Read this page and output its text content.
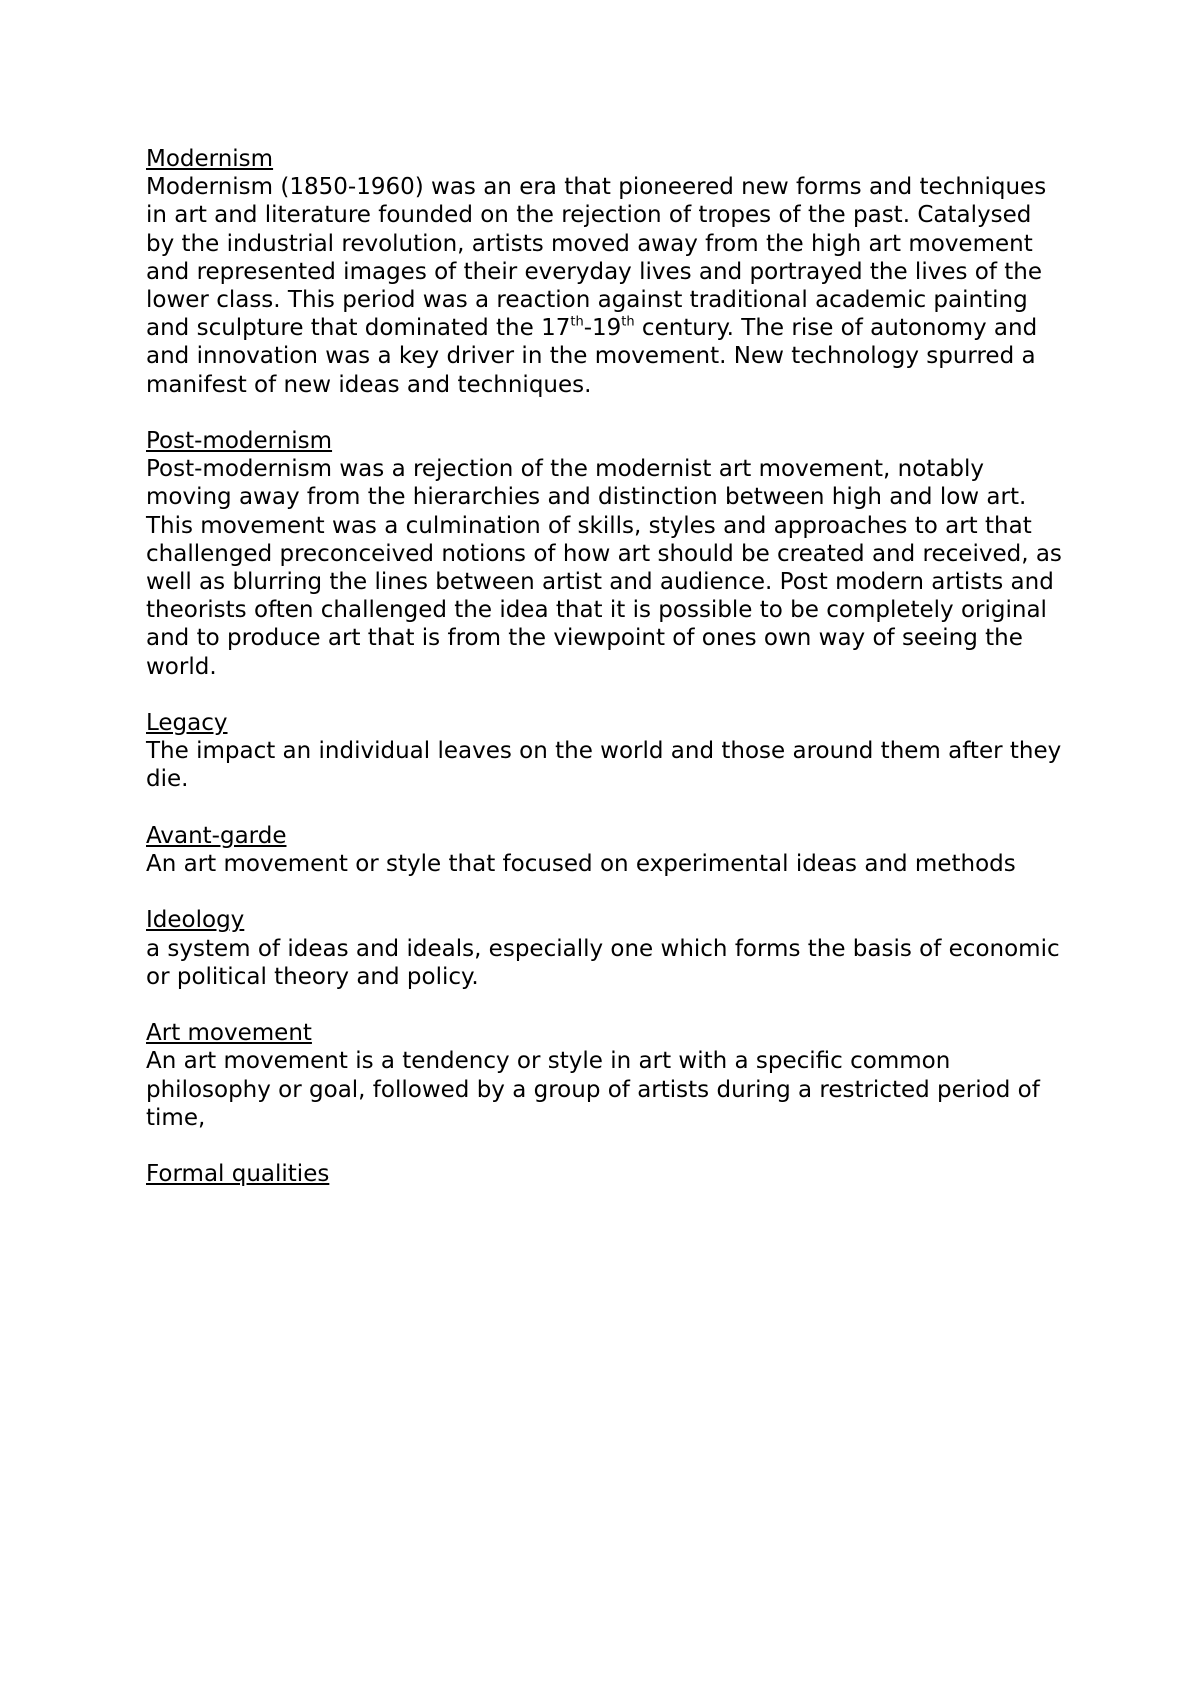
Modernism

Modernism (1850-1960) was an era that pioneered new forms and techniques in art and literature founded on the rejection of tropes of the past. Catalysed by the industrial revolution, artists moved away from the high art movement and represented images of their everyday lives and portrayed the lives of the lower class. This period was a reaction against traditional academic painting and sculpture that dominated the 17th-19th century. The rise of autonomy and and innovation was a key driver in the movement. New technology spurred a manifest of new ideas and techniques.

Post-modernism

Post-modernism was a rejection of the modernist art movement, notably moving away from the hierarchies and distinction between high and low art. This movement was a culmination of skills, styles and approaches to art that challenged preconceived notions of how art should be created and received, as well as blurring the lines between artist and audience. Post modern artists and theorists often challenged the idea that it is possible to be completely original and to produce art that is from the viewpoint of ones own way of seeing the world.

Legacy

The impact an individual leaves on the world and those around them after they die.

Avant-garde

An art movement or style that focused on experimental ideas and methods

Ideology

a system of ideas and ideals, especially one which forms the basis of economic or political theory and policy.

Art movement

An art movement is a tendency or style in art with a specific common philosophy or goal, followed by a group of artists during a restricted period of time,

Formal qualities
